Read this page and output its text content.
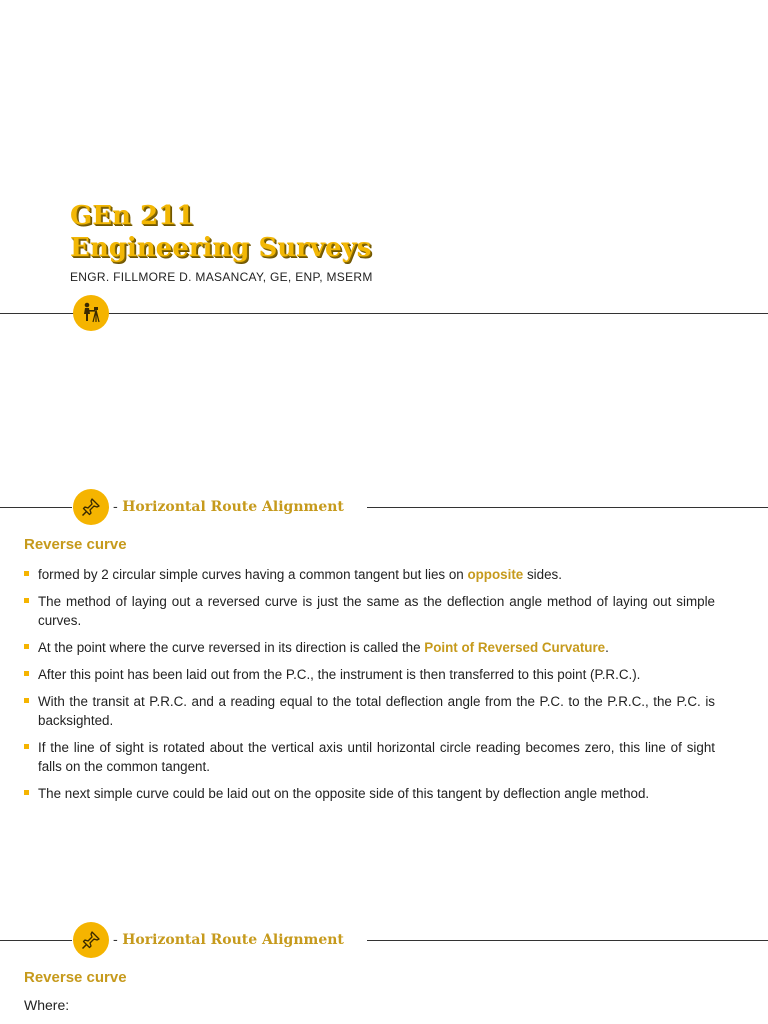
GEn 211
Engineering Surveys
ENGR. FILLMORE D. MASANCAY, GE, ENP, MSERM
- Horizontal Route Alignment
Reverse curve
formed by 2 circular simple curves having a common tangent but lies on opposite sides.
The method of laying out a reversed curve is just the same as the deflection angle method of laying out simple curves.
At the point where the curve reversed in its direction is called the Point of Reversed Curvature.
After this point has been laid out from the P.C., the instrument is then transferred to this point (P.R.C.).
With the transit at P.R.C. and a reading equal to the total deflection angle from the P.C. to the P.R.C., the P.C. is backsighted.
If the line of sight is rotated about the vertical axis until horizontal circle reading becomes zero, this line of sight falls on the common tangent.
The next simple curve could be laid out on the opposite side of this tangent by deflection angle method.
- Horizontal Route Alignment
Reverse curve
Where:
